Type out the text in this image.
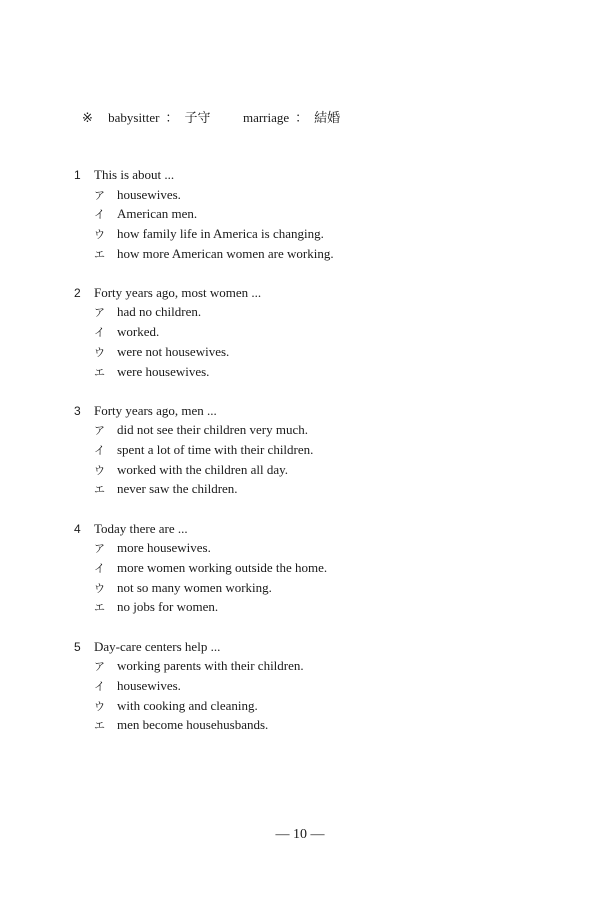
※ babysitter ： 子守	marriage ： 結婚
1	This is about ...
ア housewives.
イ American men.
ウ how family life in America is changing.
エ how more American women are working.
2	Forty years ago, most women ...
ア had no children.
イ worked.
ウ were not housewives.
エ were housewives.
3	Forty years ago, men ...
ア did not see their children very much.
イ spent a lot of time with their children.
ウ worked with the children all day.
エ never saw the children.
4	Today there are ...
ア more housewives.
イ more women working outside the home.
ウ not so many women working.
エ no jobs for women.
5	Day-care centers help ...
ア working parents with their children.
イ housewives.
ウ with cooking and cleaning.
エ men become househusbands.
— 10 —
